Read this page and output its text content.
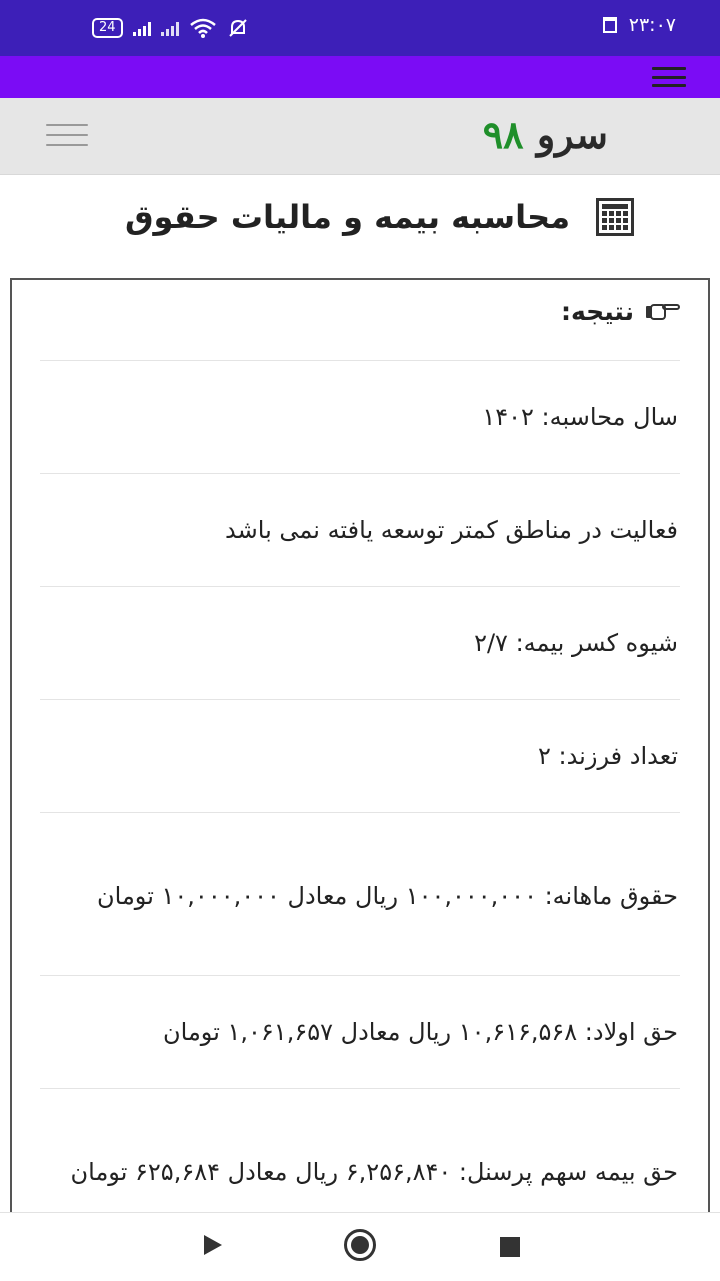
24	۲۳:۰۷
سرو ۹۸
محاسبه بیمه و مالیات حقوق
نتیجه:
سال محاسبه: ۱۴۰۲
فعالیت در مناطق کمتر توسعه یافته نمی باشد
شیوه کسر بیمه: ۲/۷
تعداد فرزند: ۲
حقوق ماهانه: ۱۰۰,۰۰۰,۰۰۰ ریال معادل ۱۰,۰۰۰,۰۰۰ تومان
حق اولاد: ۱۰,۶۱۶,۵۶۸ ریال معادل ۱,۰۶۱,۶۵۷ تومان
حق بیمه سهم پرسنل: ۶,۲۵۶,۸۴۰ ریال معادل ۶۲۵,۶۸۴ تومان
